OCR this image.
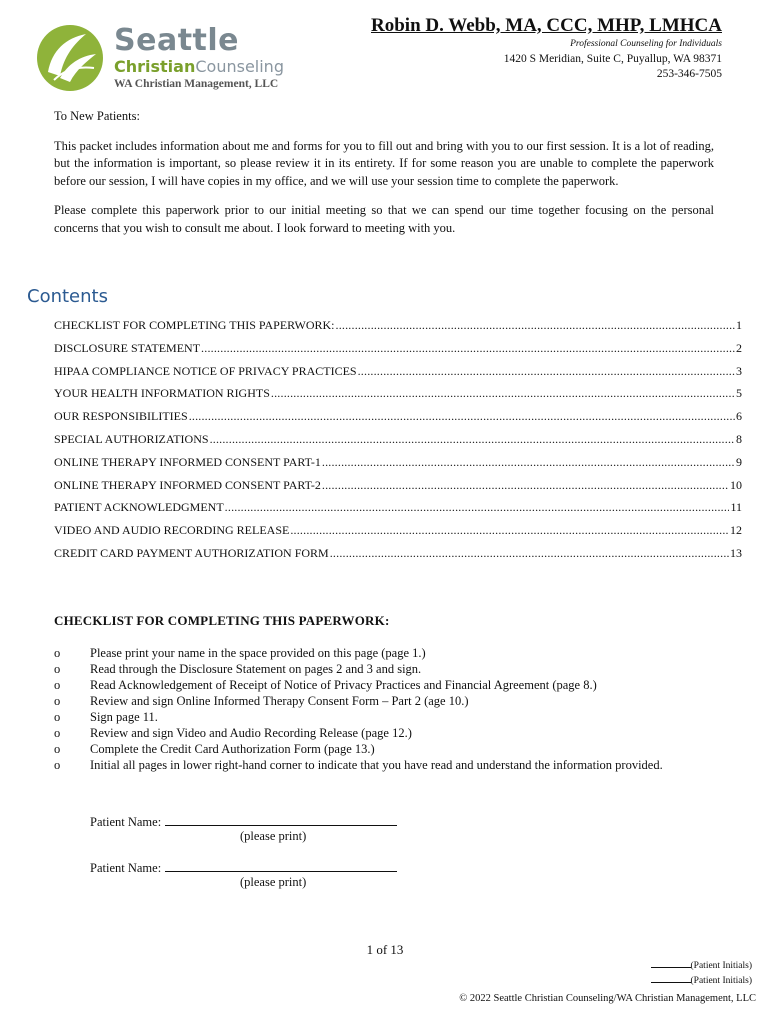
Seattle
ChristianCounseling
WA Christian Management, LLC
Robin D. Webb, MA, CCC, MHP, LMHCA
Professional Counseling for Individuals
1420 S Meridian, Suite C, Puyallup, WA 98371
253-346-7505

To New Patients:

This packet includes information about me and forms for you to fill out and bring with you to our first session. It is a lot of reading, but the information is important, so please review it in its entirety. If for some reason you are unable to complete the paperwork before our session, I will have copies in my office, and we will use your session time to complete the paperwork.

Please complete this paperwork prior to our initial meeting so that we can spend our time together focusing on the personal concerns that you wish to consult me about. I look forward to meeting with you.

Contents
CHECKLIST FOR COMPLETING THIS PAPERWORK: .....	1
DISCLOSURE STATEMENT .....	2
HIPAA COMPLIANCE NOTICE OF PRIVACY PRACTICES .....	3
YOUR HEALTH INFORMATION RIGHTS .....	5
OUR RESPONSIBILITIES .....	6
SPECIAL AUTHORIZATIONS .....	8
ONLINE THERAPY INFORMED CONSENT PART-1 .....	9
ONLINE THERAPY INFORMED CONSENT PART-2 .....	10
PATIENT ACKNOWLEDGMENT .....	11
VIDEO AND AUDIO RECORDING RELEASE .....	12
CREDIT CARD PAYMENT AUTHORIZATION FORM .....	13
CHECKLIST FOR COMPLETING THIS PAPERWORK:
o Please print your name in the space provided on this page (page 1.)
o Read through the Disclosure Statement on pages 2 and 3 and sign.
o Read Acknowledgement of Receipt of Notice of Privacy Practices and Financial Agreement (page 8.)
o Review and sign Online Informed Therapy Consent Form – Part 2 (age 10.)
o Sign page 11.
o Review and sign Video and Audio Recording Release (page 12.)
o Complete the Credit Card Authorization Form (page 13.)
o Initial all pages in lower right-hand corner to indicate that you have read and understand the information provided.
Patient Name:
(please print)
Patient Name:
(please print)
1 of 13
(Patient Initials)
(Patient Initials)
© 2022 Seattle Christian Counseling/WA Christian Management, LLC
